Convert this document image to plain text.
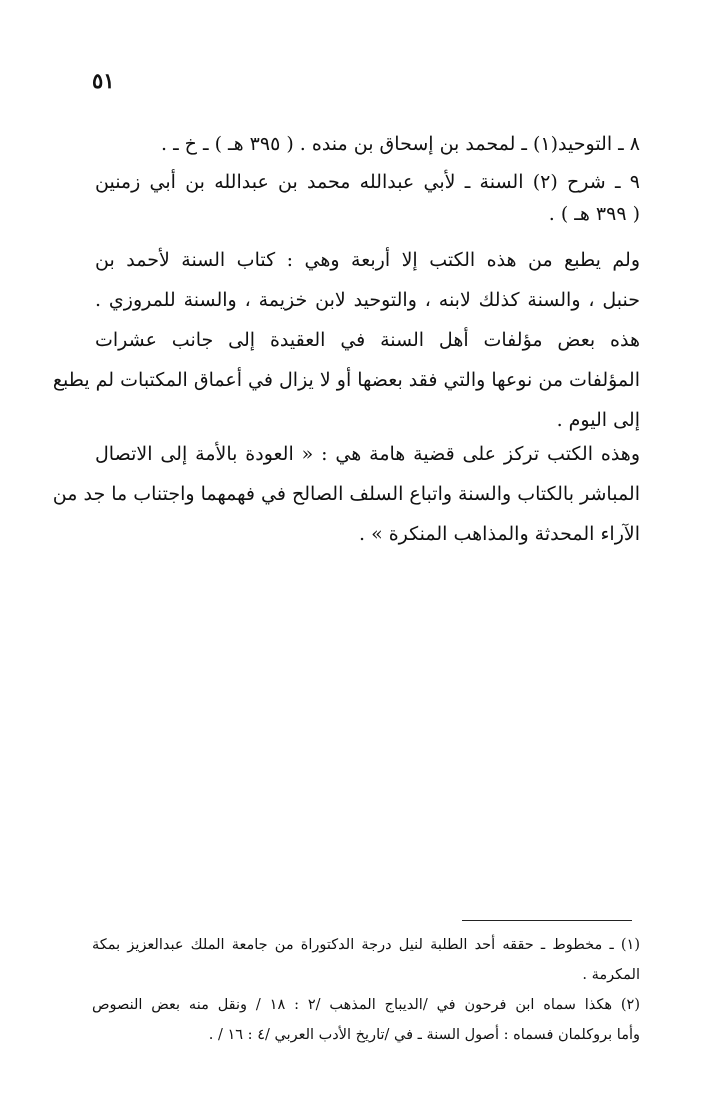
٥١
٨ ـ التوحيد(١) ـ لمحمد بن إسحاق بن منده . ( ٣٩٥ هـ ) ـ خ ـ .
٩ ـ شرح (٢) السنة ـ لأبي عبدالله محمد بن عبدالله بن أبي زمنين
( ٣٩٩ هـ ) .
ولم يطبع من هذه الكتب إلا أربعة وهي : كتاب السنة لأحمد بن
حنبل ، والسنة كذلك لابنه ، والتوحيد لابن خزيمة ، والسنة للمروزي .
هذه بعض مؤلفات أهل السنة في العقيدة إلى جانب عشرات
المؤلفات من نوعها والتي فقد بعضها أو لا يزال في أعماق المكتبات لم يطبع
إلى اليوم .
وهذه الكتب تركز على قضية هامة هي : « العودة بالأمة إلى الاتصال
المباشر بالكتاب والسنة واتباع السلف الصالح في فهمهما واجتناب ما جد من
الآراء المحدثة والمذاهب المنكرة » .
(١) ـ مخطوط ـ حققه أحد الطلبة لنيل درجة الدكتوراة من جامعة الملك عبدالعزيز بمكة
المكرمة .
(٢) هكذا سماه ابن فرحون في /الديباج المذهب /٢ : ١٨ / ونقل منه بعض النصوص
وأما بروكلمان فسماه : أصول السنة ـ في /تاريخ الأدب العربي /٤ : ١٦ / .
